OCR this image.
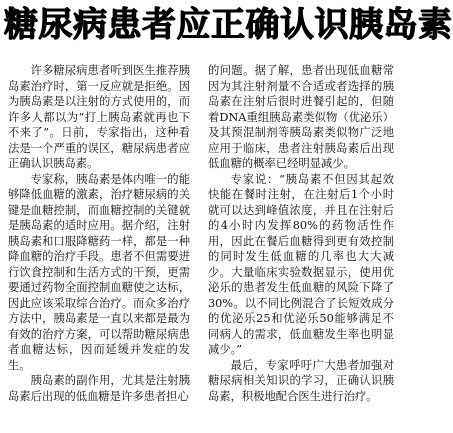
糖尿病患者应正确认识胰岛素

许多糖尿病患者听到医生推荐胰岛素治疗时，第一反应就是拒绝。因为胰岛素是以注射的方式使用的，而许多人都以为“打上胰岛素就再也下不来了”。日前，专家指出，这种看法是一个严重的误区，糖尿病患者应正确认识胰岛素。

专家称，胰岛素是体内唯一的能够降低血糖的激素，治疗糖尿病的关键是血糖控制，而血糖控制的关键就是胰岛素的适时应用。据介绍，注射胰岛素和口服降糖药一样，都是一种降血糖的治疗手段。患者不但需要进行饮食控制和生活方式的干预，更需要通过药物全面控制血糖使之达标，因此应该采取综合治疗。而众多治疗方法中，胰岛素是一直以来都是最为有效的治疗方案，可以帮助糖尿病患者血糖达标，因而延缓并发症的发生。

胰岛素的副作用，尤其是注射胰岛素后出现的低血糖是许多患者担心

的问题。据了解，患者出现低血糖常因为其注射剂量不合适或者选择的胰岛素在注射后很时进餐引起的，但随着DNA重组胰岛素类似物（优泌乐）及其预混制剂等胰岛素类似物广泛地应用于临床，患者注射胰岛素后出现低血糖的概率已经明显减少。

专家说：“胰岛素不但因其起效快能在餐时注射，在注射后1个小时就可以达到峰值浓度，并且在注射后的4小时内发挥80%的药物活性作用，因此在餐后血糖得到更有效控制的同时发生低血糖的几率也大大减少。大量临床实验数据显示，使用优泌乐的患者发生低血糖的风险下降了30%。以不同比例混合了长短效成分的优泌乐25和优泌乐50能够满足不同病人的需求，低血糖发生率也明显减少。”

最后，专家呼吁广大患者加强对糖尿病相关知识的学习，正确认识胰岛素，积极地配合医生进行治疗。
